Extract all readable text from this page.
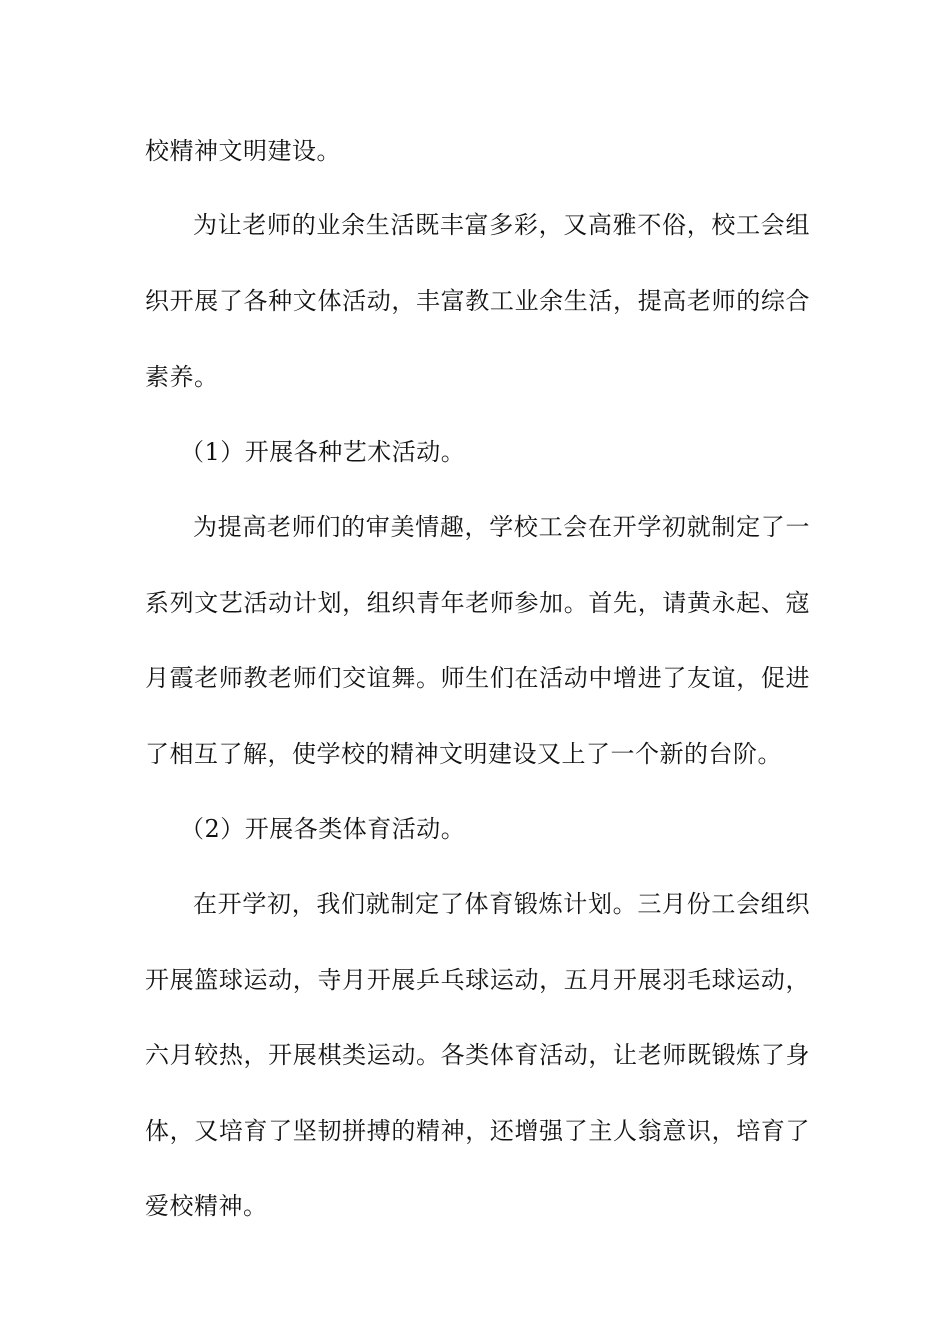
校精神文明建设。
为让老师的业余生活既丰富多彩，又高雅不俗，校工会组
织开展了各种文体活动，丰富教工业余生活，提高老师的综合
素养。
（1）开展各种艺术活动。
为提高老师们的审美情趣，学校工会在开学初就制定了一
系列文艺活动计划，组织青年老师参加。首先，请黄永起、寇
月霞老师教老师们交谊舞。师生们在活动中增进了友谊，促进
了相互了解，使学校的精神文明建设又上了一个新的台阶。
（2）开展各类体育活动。
在开学初，我们就制定了体育锻炼计划。三月份工会组织
开展篮球运动，寺月开展乒乓球运动，五月开展羽毛球运动，
六月较热，开展棋类运动。各类体育活动，让老师既锻炼了身
体，又培育了坚韧拼搏的精神，还增强了主人翁意识，培育了
爱校精神。
